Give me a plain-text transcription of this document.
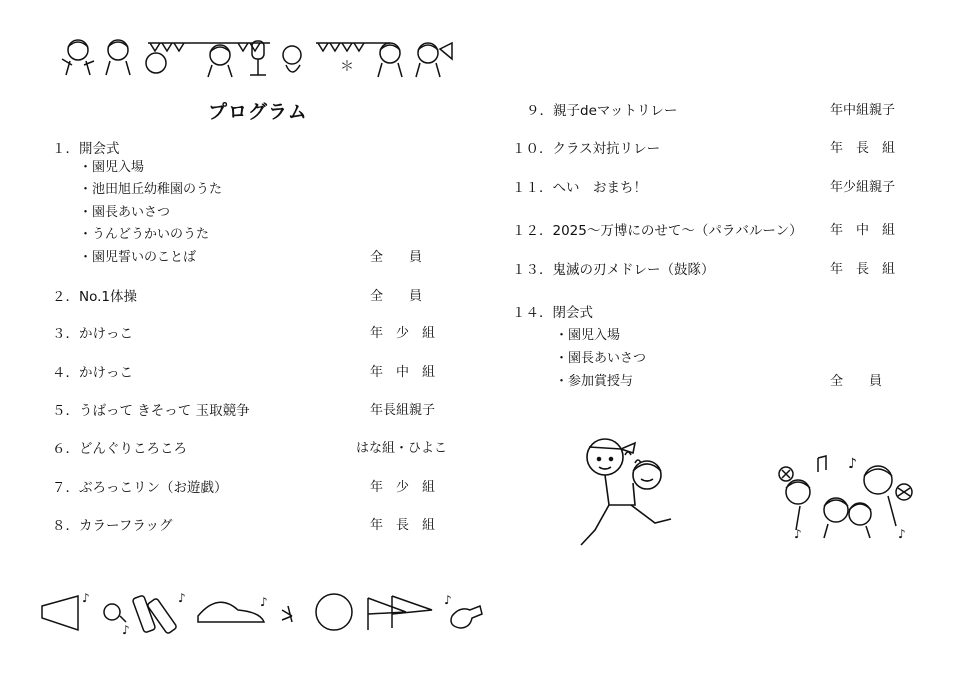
＊
プログラム
１．開会式
・園児入場
・池田旭丘幼稚園のうた
・園長あいさつ
・うんどうかいのうた
・園児誓いのことば	全　　員
２．No.1体操	全　　員
３．かけっこ	年　少　組
４．かけっこ	年　中　組
５．うばって きそって 玉取競争	年長組親子
６．どんぐりころころ	はな組・ひよこ
７．ぶろっこリン（お遊戯）	年　少　組
８．カラーフラッグ	年　長　組
９．親子deマットリレー	年中組親子
１０．クラス対抗リレー	年　長　組
１１．へい　おまち！	年少組親子
１２．2025～万博にのせて～（パラバルーン） 年　中　組
１３．鬼滅の刃メドレー（鼓隊）	年　長　組
１４．閉会式
・園児入場
・園長あいさつ
・参加賞授与	全　　員
♪
♪	♪
♪
♪
♪	♪	♪
